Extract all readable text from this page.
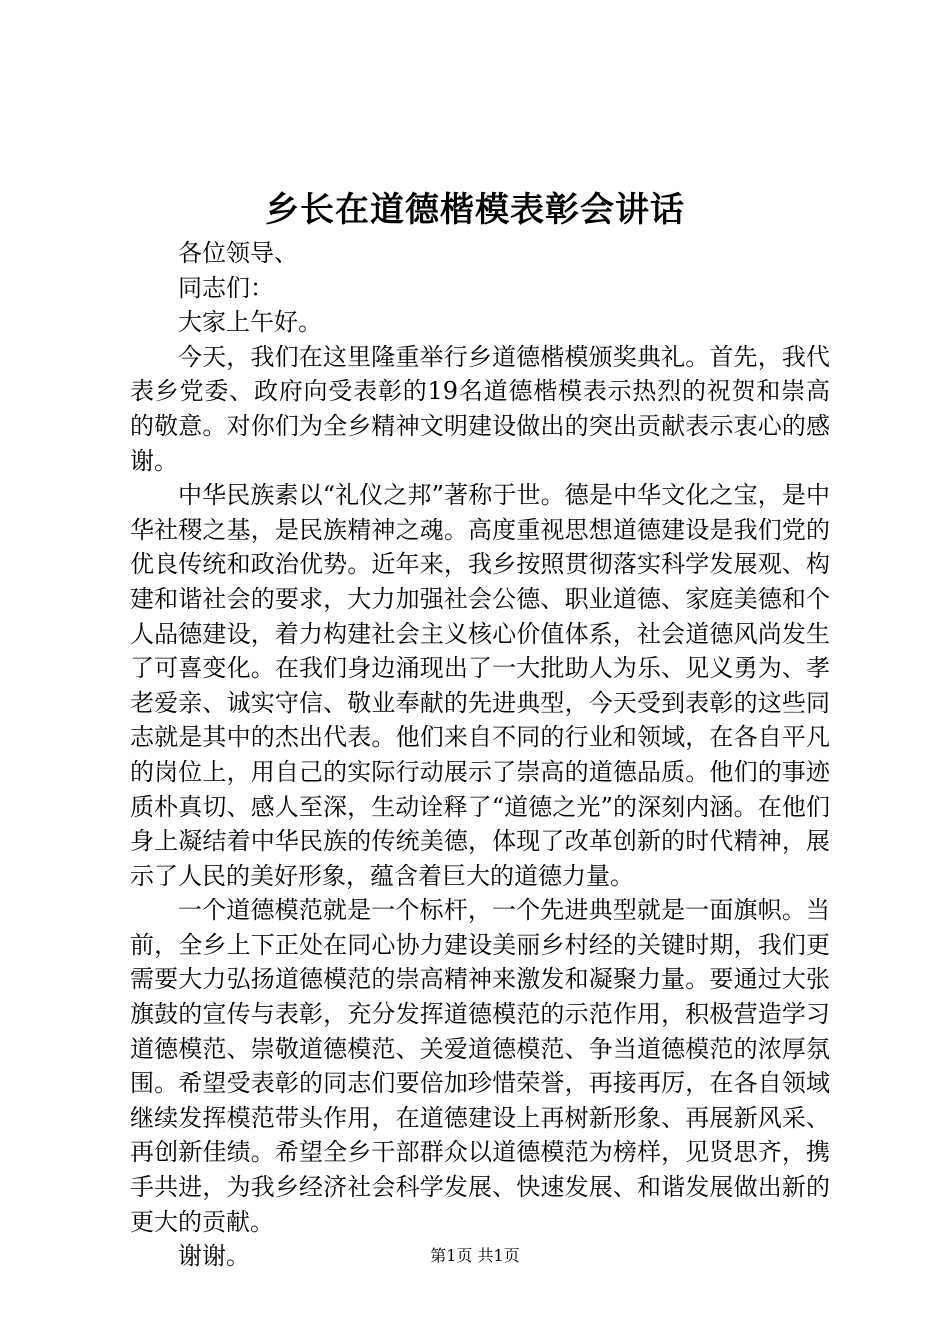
乡长在道德楷模表彰会讲话

各位领导、

同志们：

大家上午好。

今天，我们在这里隆重举行乡道德楷模颁奖典礼。首先，我代表乡党委、政府向受表彰的19名道德楷模表示热烈的祝贺和崇高的敬意。对你们为全乡精神文明建设做出的突出贡献表示衷心的感谢。

中华民族素以“礼仪之邦”著称于世。德是中华文化之宝，是中华社稷之基，是民族精神之魂。高度重视思想道德建设是我们党的优良传统和政治优势。近年来，我乡按照贯彻落实科学发展观、构建和谐社会的要求，大力加强社会公德、职业道德、家庭美德和个人品德建设，着力构建社会主义核心价值体系，社会道德风尚发生了可喜变化。在我们身边涌现出了一大批助人为乐、见义勇为、孝老爱亲、诚实守信、敬业奉献的先进典型，今天受到表彰的这些同志就是其中的杰出代表。他们来自不同的行业和领域，在各自平凡的岗位上，用自己的实际行动展示了崇高的道德品质。他们的事迹质朴真切、感人至深，生动诠释了“道德之光”的深刻内涵。在他们身上凝结着中华民族的传统美德，体现了改革创新的时代精神，展示了人民的美好形象，蕴含着巨大的道德力量。

一个道德模范就是一个标杆，一个先进典型就是一面旗帜。当前，全乡上下正处在同心协力建设美丽乡村经的关键时期，我们更需要大力弘扬道德模范的崇高精神来激发和凝聚力量。要通过大张旗鼓的宣传与表彰，充分发挥道德模范的示范作用，积极营造学习道德模范、崇敬道德模范、关爱道德模范、争当道德模范的浓厚氛围。希望受表彰的同志们要倍加珍惜荣誉，再接再厉，在各自领域继续发挥模范带头作用，在道德建设上再树新形象、再展新风采、再创新佳绩。希望全乡干部群众以道德模范为榜样，见贤思齐，携手共进，为我乡经济社会科学发展、快速发展、和谐发展做出新的更大的贡献。

谢谢。	第1页 共1页
